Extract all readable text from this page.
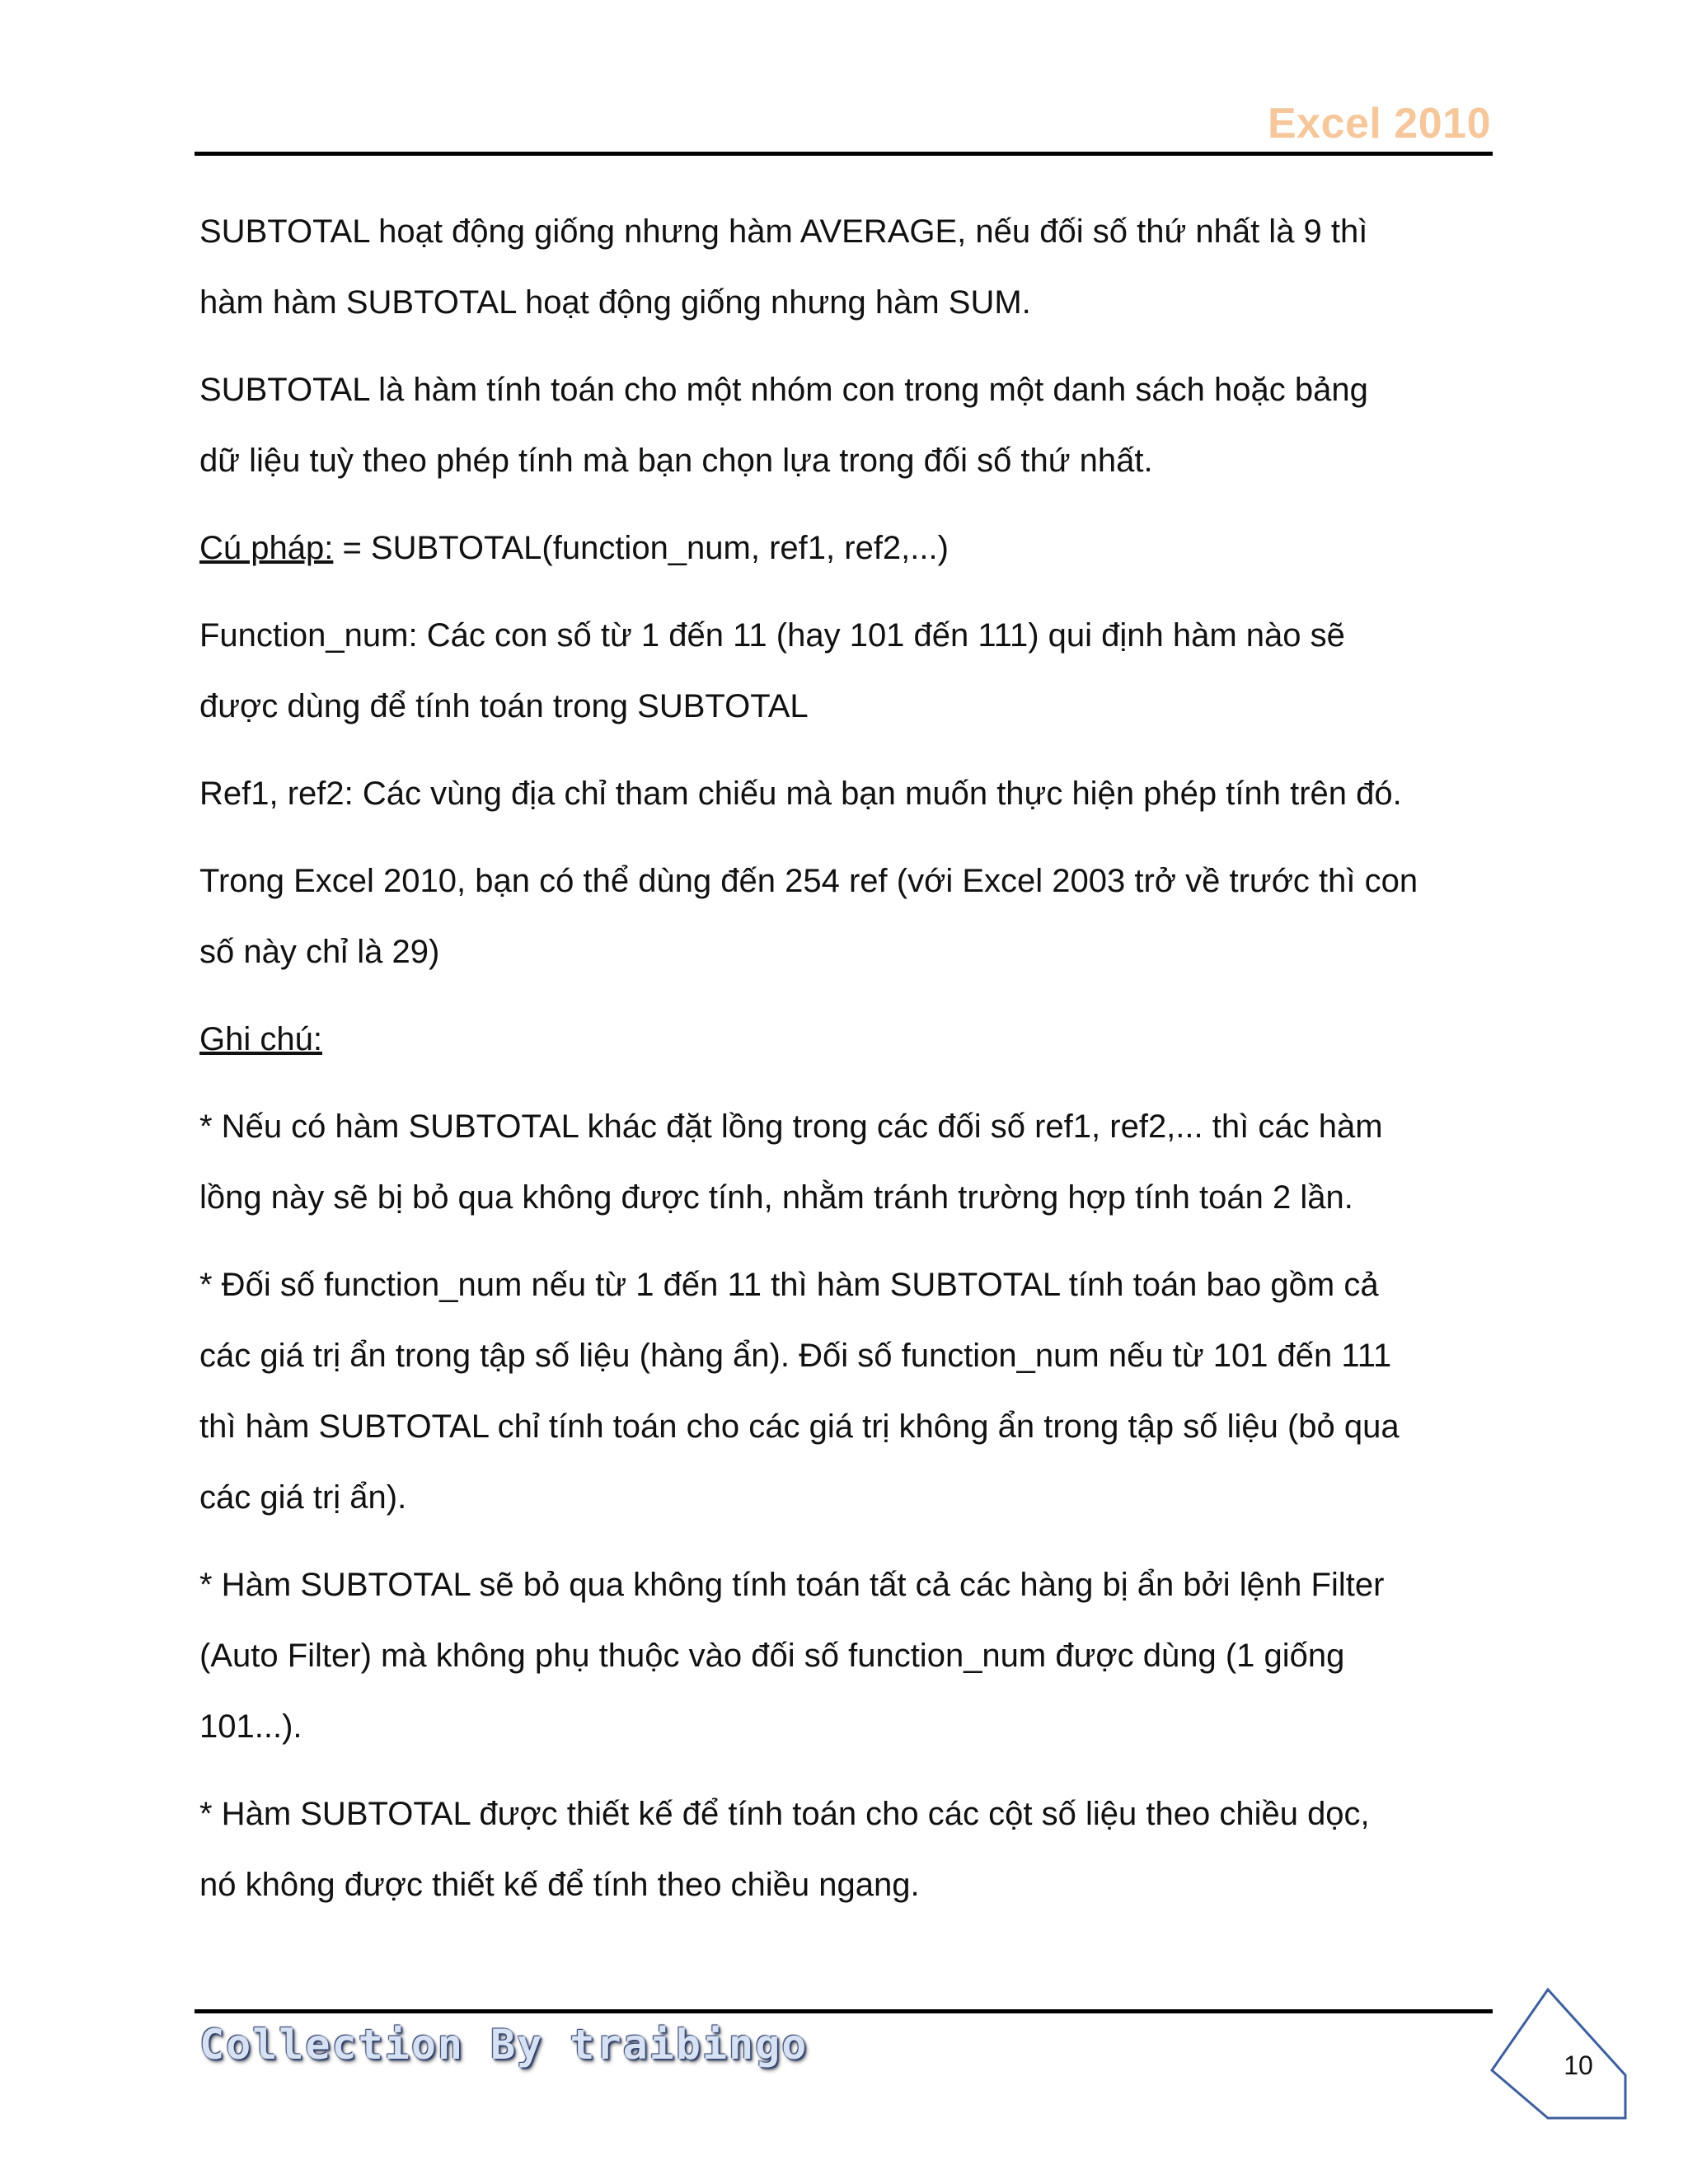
Excel 2010

SUBTOTAL hoạt động giống nhưng hàm AVERAGE, nếu đối số thứ nhất là 9 thì
hàm hàm SUBTOTAL hoạt động giống nhưng hàm SUM.

SUBTOTAL là hàm tính toán cho một nhóm con trong một danh sách hoặc bảng
dữ liệu tuỳ theo phép tính mà bạn chọn lựa trong đối số thứ nhất.

Cú pháp: = SUBTOTAL(function_num, ref1, ref2,...)

Function_num: Các con số từ 1 đến 11 (hay 101 đến 111) qui định hàm nào sẽ
được dùng để tính toán trong SUBTOTAL

Ref1, ref2: Các vùng địa chỉ tham chiếu mà bạn muốn thực hiện phép tính trên đó.

Trong Excel 2010, bạn có thể dùng đến 254 ref (với Excel 2003 trở về trước thì con
số này chỉ là 29)

Ghi chú:

* Nếu có hàm SUBTOTAL khác đặt lồng trong các đối số ref1, ref2,... thì các hàm
lồng này sẽ bị bỏ qua không được tính, nhằm tránh trường hợp tính toán 2 lần.

* Đối số function_num nếu từ 1 đến 11 thì hàm SUBTOTAL tính toán bao gồm cả
các giá trị ẩn trong tập số liệu (hàng ẩn). Đối số function_num nếu từ 101 đến 111
thì hàm SUBTOTAL chỉ tính toán cho các giá trị không ẩn trong tập số liệu (bỏ qua
các giá trị ẩn).

* Hàm SUBTOTAL sẽ bỏ qua không tính toán tất cả các hàng bị ẩn bởi lệnh Filter
(Auto Filter) mà không phụ thuộc vào đối số function_num được dùng (1 giống
101...).

* Hàm SUBTOTAL được thiết kế để tính toán cho các cột số liệu theo chiều dọc,
nó không được thiết kế để tính theo chiều ngang.

Collection By traibingo	10
